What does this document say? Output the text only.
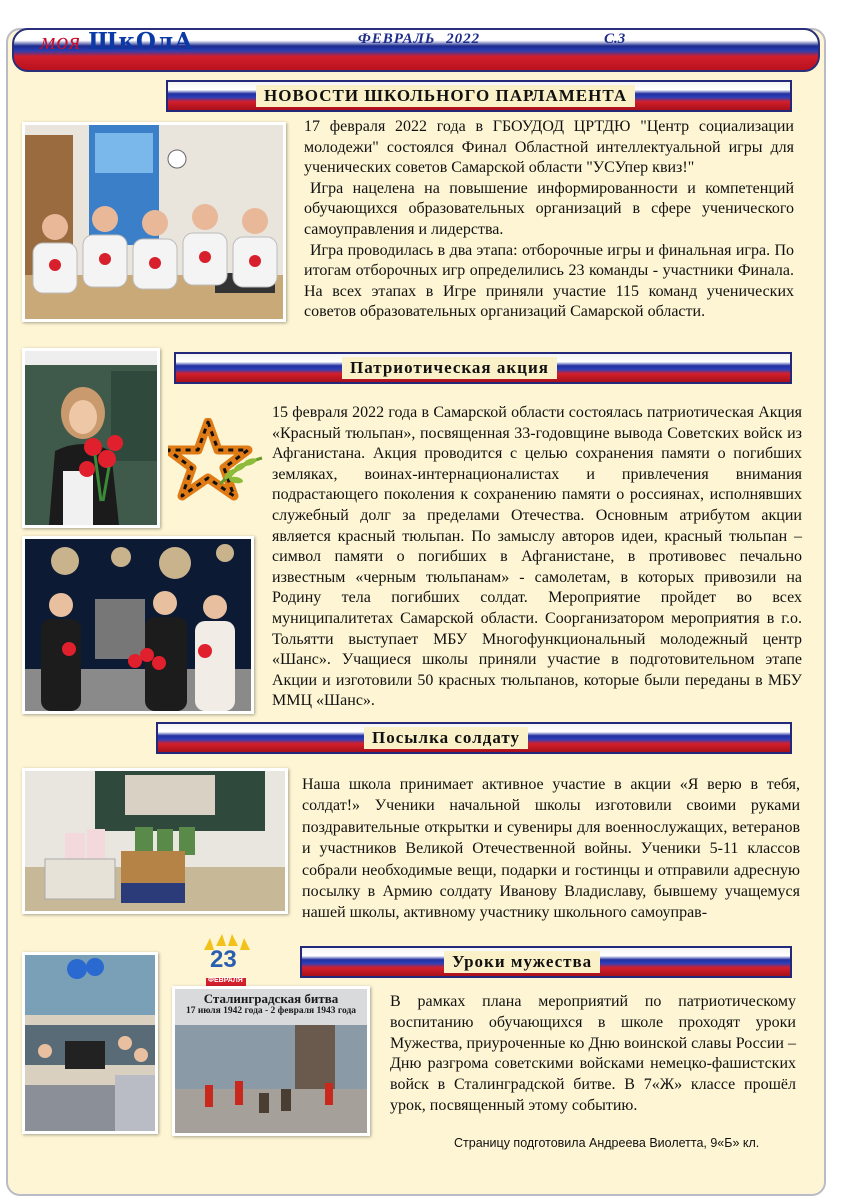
моя ШкОлА	ФЕВРАЛЬ 2022	С.3
НОВОСТИ ШКОЛЬНОГО ПАРЛАМЕНТА

17 февраля 2022 года в ГБОУДОД ЦРТДЮ "Центр социализации молодежи" состоялся Финал Областной интеллектуальной игры для ученических советов Самарской области "УСУпер квиз!"

Игра нацелена на повышение информированности и компетенций обучающихся образовательных организаций в сфере ученического самоуправления и лидерства.

Игра проводилась в два этапа: отборочные игры и финальная игра. По итогам отборочных игр определились 23 команды - участники Финала. На всех этапах в Игре приняли участие 115 команд ученических советов образовательных организаций Самарской области.

Патриотическая акция

15 февраля 2022 года в Самарской области состоялась патриотическая Акция «Красный тюльпан», посвященная 33-годовщине вывода Советских войск из Афганистана. Акция проводится с целью сохранения памяти о погибших земляках, воинах-интернационалистах и привлечения внимания подрастающего поколения к сохранению памяти о россиянах, исполнявших служебный долг за пределами Отечества. Основным атрибутом акции является красный тюльпан. По замыслу авторов идеи, красный тюльпан – символ памяти о погибших в Афганистане, в противовес печально известным «черным тюльпанам» - самолетам, в которых привозили на Родину тела погибших солдат. Мероприятие пройдет во всех муниципалитетах Самарской области. Соорганизатором мероприятия в г.о. Тольятти выступает МБУ Многофункциональный молодежный центр «Шанс». Учащиеся школы приняли участие в подготовительном этапе Акции и изготовили 50 красных тюльпанов, которые были переданы в МБУ ММЦ «Шанс».

Посылка солдату

Наша школа принимает активное участие в акции «Я верю в тебя, солдат!» Ученики начальной школы изготовили своими руками поздравительные открытки и сувениры для военнослужащих, ветеранов и участников Великой Отечественной войны. Ученики 5-11 классов собрали необходимые вещи, подарки и гостинцы и отправили адресную посылку в Армию солдату Иванову Владиславу, бывшему учащемуся нашей школы, активному участнику школьного самоуправ-

23
ФЕВРАЛЯ
Уроки мужества
Сталинградская битва
17 июля 1942 года - 2 февраля 1943 года

В рамках плана мероприятий по патриотическому воспитанию обучающихся в школе проходят уроки Мужества, приуроченные ко Дню воинской славы России – Дню разгрома советскими войсками немецко-фашистских войск в Сталинградской битве. В 7«Ж» классе прошёл урок, посвященный этому событию.

Страницу подготовила Андреева Виолетта, 9«Б» кл.
